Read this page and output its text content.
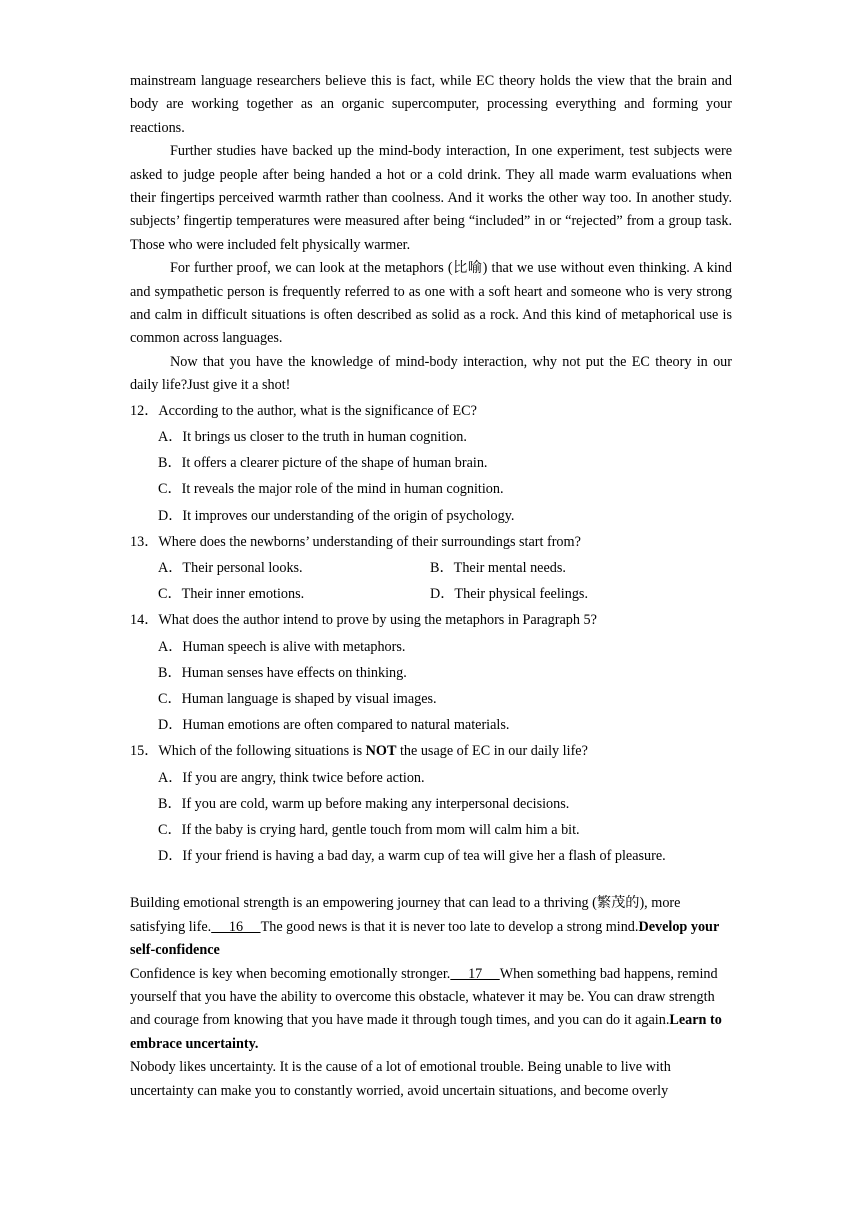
mainstream language researchers believe this is fact, while EC theory holds the view that the brain and body are working together as an organic supercomputer, processing everything and forming your reactions.

Further studies have backed up the mind-body interaction, In one experiment, test subjects were asked to judge people after being handed a hot or a cold drink. They all made warm evaluations when their fingertips perceived warmth rather than coolness. And it works the other way too. In another study. subjects’ fingertip temperatures were measured after being “included” in or “rejected” from a group task. Those who were included felt physically warmer.

For further proof, we can look at the metaphors (比喻) that we use without even thinking. A kind and sympathetic person is frequently referred to as one with a soft heart and someone who is very strong and calm in difficult situations is often described as solid as a rock. And this kind of metaphorical use is common across languages.

Now that you have the knowledge of mind-body interaction, why not put the EC theory in our daily life?Just give it a shot!

12．According to the author, what is the significance of EC?

A．It brings us closer to the truth in human cognition.

B．It offers a clearer picture of the shape of human brain.

C．It reveals the major role of the mind in human cognition.

D．It improves our understanding of the origin of psychology.

13．Where does the newborns’ understanding of their surroundings start from?

A．Their personal looks.	B．Their mental needs.
C．Their inner emotions.	D．Their physical feelings.

14．What does the author intend to prove by using the metaphors in Paragraph 5?

A．Human speech is alive with metaphors.

B．Human senses have effects on thinking.

C．Human language is shaped by visual images.

D．Human emotions are often compared to natural materials.

15．Which of the following situations is NOT the usage of EC in our daily life?

A．If you are angry, think twice before action.

B．If you are cold, warm up before making any interpersonal decisions.

C．If the baby is crying hard, gentle touch from mom will calm him a bit.

D．If your friend is having a bad day, a warm cup of tea will give her a flash of pleasure.

Building emotional strength is an empowering journey that can lead to a thriving (繁茂的), more satisfying life.     16     The good news is that it is never too late to develop a strong mind.Develop your self-confidence

Confidence is key when becoming emotionally stronger.     17     When something bad happens, remind yourself that you have the ability to overcome this obstacle, whatever it may be. You can draw strength and courage from knowing that you have made it through tough times, and you can do it again.Learn to embrace uncertainty.

Nobody likes uncertainty. It is the cause of a lot of emotional trouble. Being unable to live with uncertainty can make you to constantly worried, avoid uncertain situations, and become overly
